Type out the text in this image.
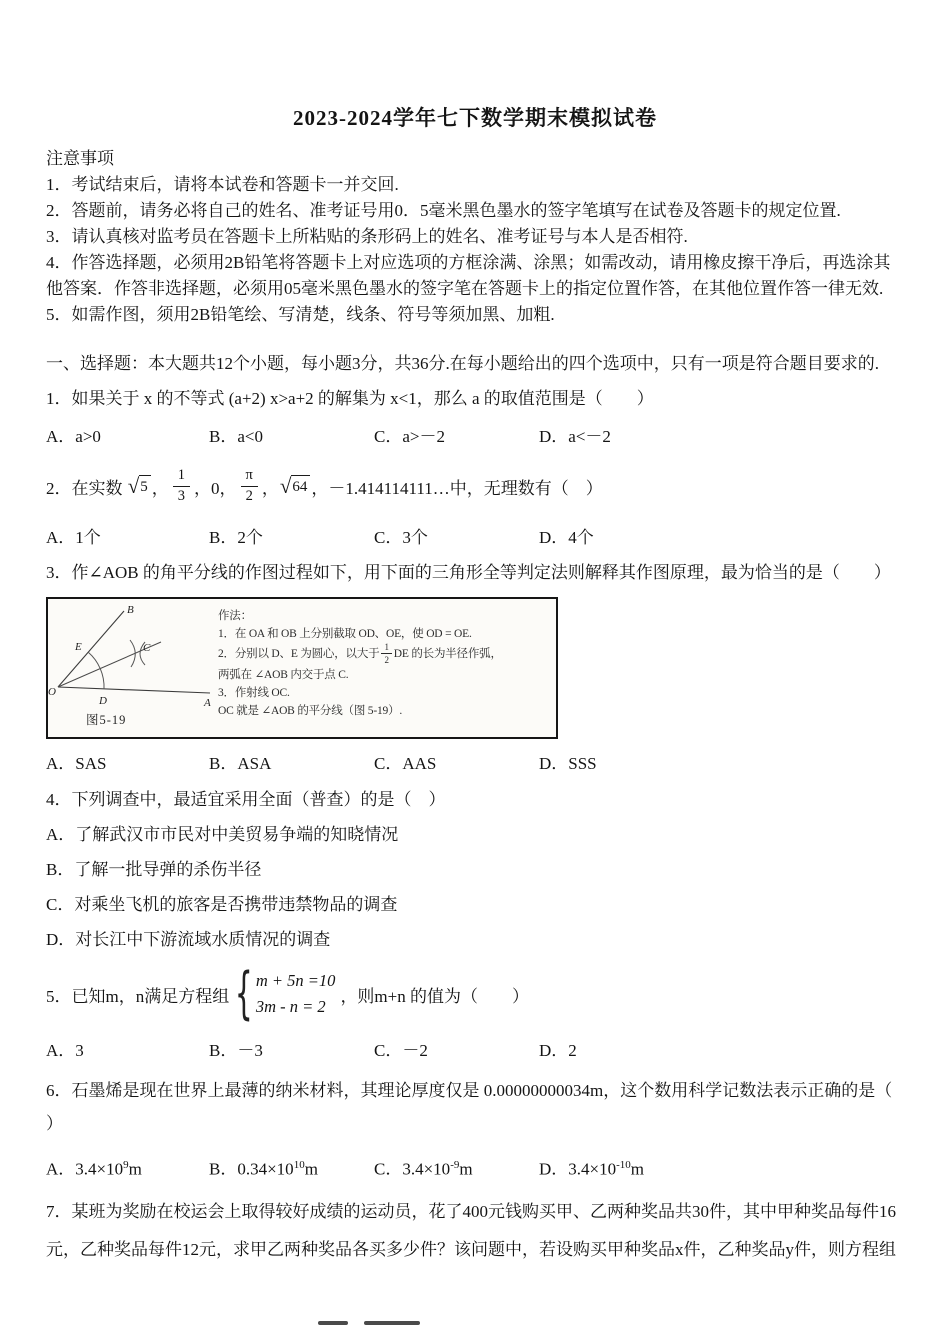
2023-2024学年七下数学期末模拟试卷

注意事项

1．考试结束后，请将本试卷和答题卡一并交回.

2．答题前，请务必将自己的姓名、准考证号用0．5毫米黑色墨水的签字笔填写在试卷及答题卡的规定位置.

3．请认真核对监考员在答题卡上所粘贴的条形码上的姓名、准考证号与本人是否相符.

4．作答选择题，必须用2B铅笔将答题卡上对应选项的方框涂满、涂黑；如需改动，请用橡皮擦干净后，再选涂其他答案．作答非选择题，必须用05毫米黑色墨水的签字笔在答题卡上的指定位置作答，在其他位置作答一律无效.

5．如需作图，须用2B铅笔绘、写清楚，线条、符号等须加黑、加粗.

一、选择题：本大题共12个小题，每小题3分，共36分.在每小题给出的四个选项中，只有一项是符合题目要求的.

1．如果关于 x 的不等式 (a+2) x>a+2 的解集为 x<1，那么 a 的取值范围是（　　）

A．a>0	B．a<0	C．a>－2	D．a<－2
2．在实数 √ 5 ， $\frac{1}{3}$ ，0， $\frac{\pi}{2}$ ， √ 64 ，－1.414114111…中，无理数有（　）
A．1个	B．2个	C．3个	D．4个

3．作∠AOB 的角平分线的作图过程如下，用下面的三角形全等判定法则解释其作图原理，最为恰当的是（　　）

O
B
E	C
D	A
图5-19

作法：

1．在 OA 和 OB 上分别截取 OD、OE，使 OD = OE.

2．分别以 D、E 为圆心，以大于 $\frac{1}{2}$ DE 的长为半径作弧，

两弧在 ∠AOB 内交于点 C.

3．作射线 OC.

OC 就是 ∠AOB 的平分线（图 5-19）.

A．SAS	B．ASA	C．AAS	D．SSS

4．下列调查中，最适宜采用全面（普查）的是（　）

A．了解武汉市市民对中美贸易争端的知晓情况

B．了解一批导弹的杀伤半径

C．对乘坐飞机的旅客是否携带违禁物品的调查

D．对长江中下游流域水质情况的调查

5．已知m，n满足方程组 { m + 5n =10
3m - n = 2
，则m+n 的值为（　　）
A．3	B．－3	C．－2	D．2

6．石墨烯是现在世界上最薄的纳米材料，其理论厚度仅是 0.00000000034m，这个数用科学记数法表示正确的是（

）

A．$3.4\times 10^9m$	B．$0.34\times 10^{10}m$	C．$3.4\times 10^{-9}m$	D．$3.4\times 10^{-10}m$

7．某班为奖励在校运会上取得较好成绩的运动员，花了400元钱购买甲、乙两种奖品共30件，其中甲种奖品每件16

元，乙种奖品每件12元，求甲乙两种奖品各买多少件？该问题中，若设购买甲种奖品x件，乙种奖品y件，则方程组
